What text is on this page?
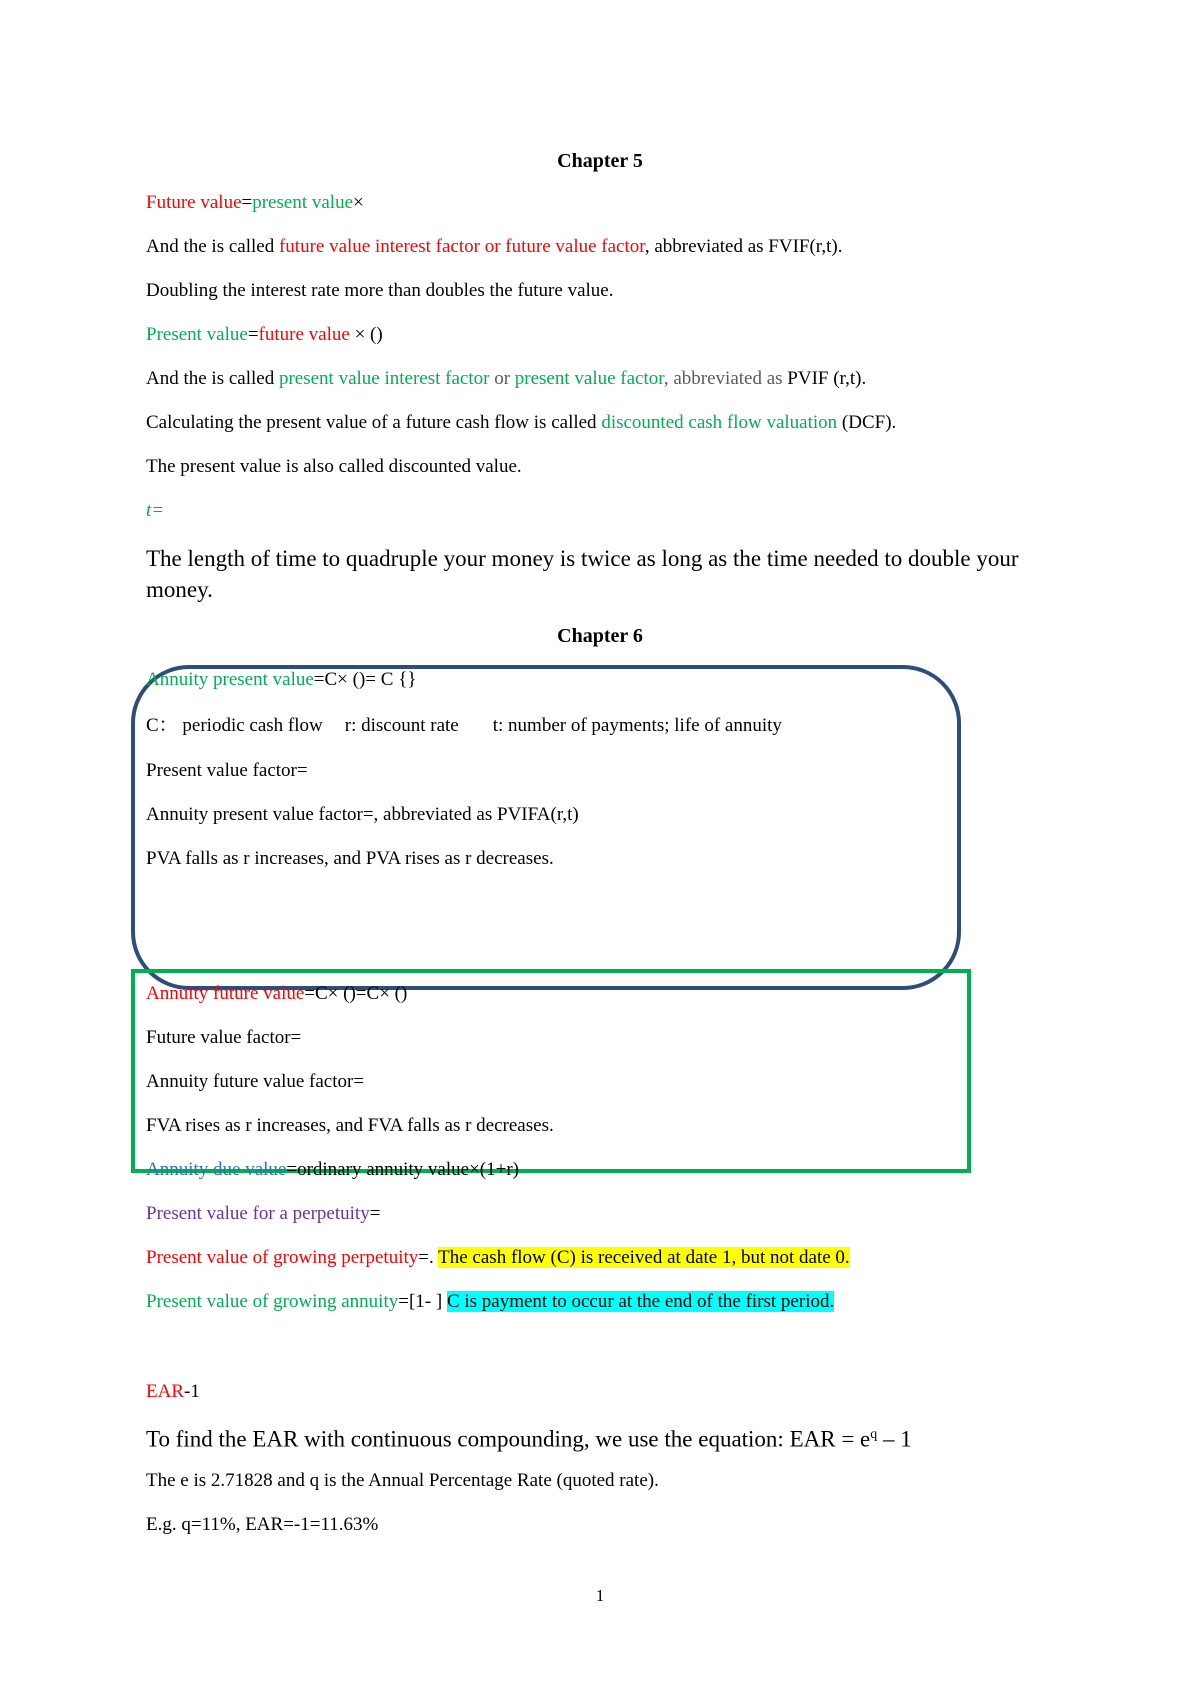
Chapter 5
Future value=present value×
And the is called future value interest factor or future value factor, abbreviated as FVIF(r,t).
Doubling the interest rate more than doubles the future value.
Present value=future value × ()
And the is called present value interest factor or present value factor, abbreviated as PVIF (r,t).
Calculating the present value of a future cash flow is called discounted cash flow valuation (DCF).
The present value is also called discounted value.
t=
The length of time to quadruple your money is twice as long as the time needed to double your money.
Chapter 6
Annuity present value=C× ()= C {}
C： periodic cash flow r: discount rate t: number of payments; life of annuity
Present value factor=
Annuity present value factor=, abbreviated as PVIFA(r,t)
PVA falls as r increases, and PVA rises as r decreases.
Annuity future value=C× ()=C× ()
Future value factor=
Annuity future value factor=
FVA rises as r increases, and FVA falls as r decreases.
Annuity due value=ordinary annuity value×(1+r)
Present value for a perpetuity=
Present value of growing perpetuity=. The cash flow (C) is received at date 1, but not date 0.
Present value of growing annuity=[1- ] C is payment to occur at the end of the first period.
EAR-1
To find the EAR with continuous compounding, we use the equation: EAR = $e^q - 1$
The e is 2.71828 and q is the Annual Percentage Rate (quoted rate).
E.g. q=11%, EAR=-1=11.63%
1
